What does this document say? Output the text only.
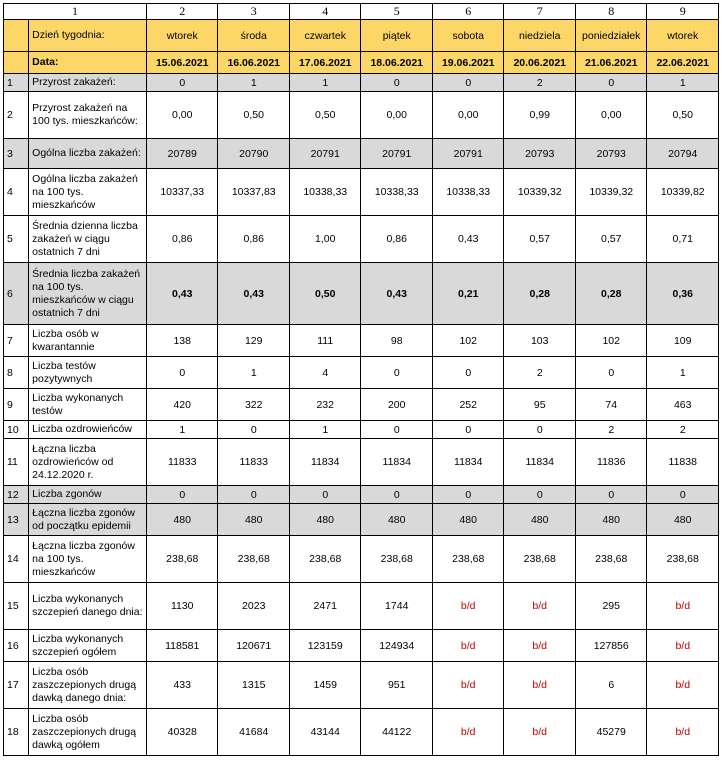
1		2	3	4	5	6	7	8	9
	Dzień tygodnia:	wtorek	środa	czwartek	piątek	sobota	niedziela	poniedziałek	wtorek
	Data:	15.06.2021	16.06.2021	17.06.2021	18.06.2021	19.06.2021	20.06.2021	21.06.2021	22.06.2021
1	Przyrost zakażeń:	0	1	1	0	0	2	0	1
2	Przyrost zakażeń na 100 tys. mieszkańców:	0,00	0,50	0,50	0,00	0,00	0,99	0,00	0,50
3	Ogólna liczba zakażeń:	20789	20790	20791	20791	20791	20793	20793	20794
4	Ogólna liczba zakażeń na 100 tys. mieszkańców	10337,33	10337,83	10338,33	10338,33	10338,33	10339,32	10339,32	10339,82
5	Średnia dzienna liczba zakażeń w ciągu ostatnich 7 dni	0,86	0,86	1,00	0,86	0,43	0,57	0,57	0,71
6	Średnia liczba zakażeń na 100 tys. mieszkańców w ciągu ostatnich 7 dni	0,43	0,43	0,50	0,43	0,21	0,28	0,28	0,36
7	Liczba osób w kwarantannie	138	129	111	98	102	103	102	109
8	Liczba testów pozytywnych	0	1	4	0	0	2	0	1
9	Liczba wykonanych testów	420	322	232	200	252	95	74	463
10	Liczba ozdrowieńców	1	0	1	0	0	0	2	2
11	Łączna liczba ozdrowieńców od 24.12.2020 r.	11833	11833	11834	11834	11834	11834	11836	11838
12	Liczba zgonów	0	0	0	0	0	0	0	0
13	Łączna liczba zgonów od początku epidemii	480	480	480	480	480	480	480	480
14	Łączna liczba zgonów na 100 tys. mieszkańców	238,68	238,68	238,68	238,68	238,68	238,68	238,68	238,68
15	Liczba wykonanych szczepień danego dnia:	1130	2023	2471	1744	b/d	b/d	295	b/d
16	Liczba wykonanych szczepień ogółem	118581	120671	123159	124934	b/d	b/d	127856	b/d
17	Liczba osób zaszczepionych drugą dawką danego dnia:	433	1315	1459	951	b/d	b/d	6	b/d
18	Liczba osób zaszczepionych drugą dawką ogółem	40328	41684	43144	44122	b/d	b/d	45279	b/d
